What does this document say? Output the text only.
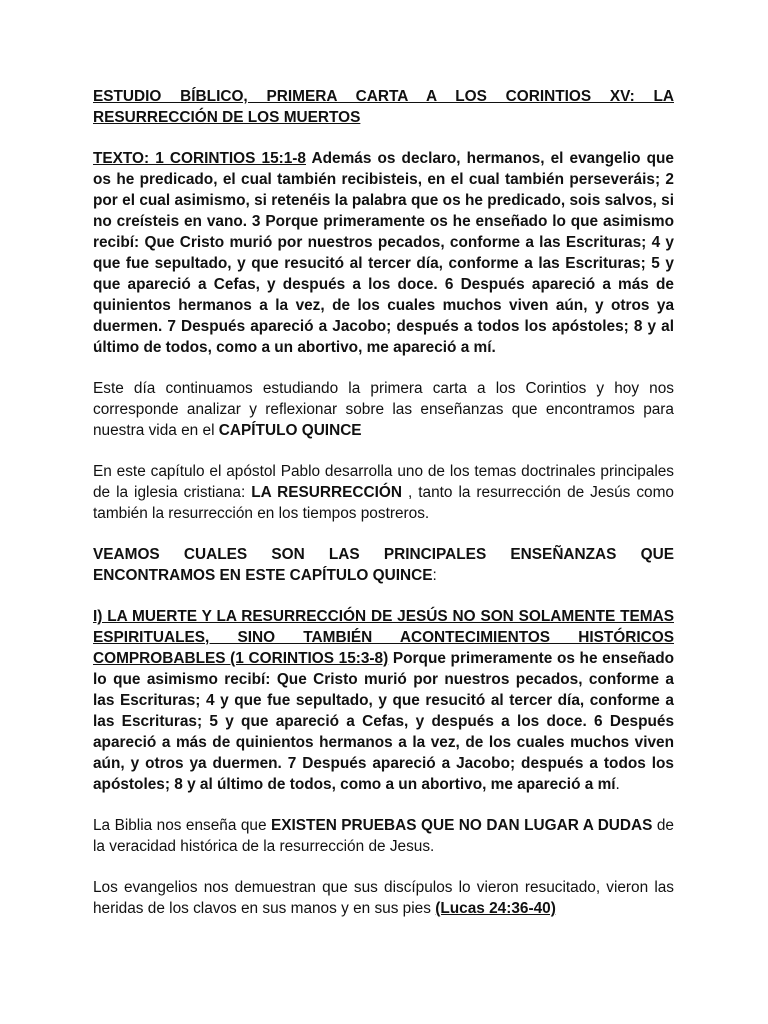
ESTUDIO BÍBLICO, PRIMERA CARTA A LOS CORINTIOS XV: LA RESURRECCIÓN DE LOS MUERTOS

TEXTO: 1 CORINTIOS 15:1-8 Además os declaro, hermanos, el evangelio que os he predicado, el cual también recibisteis, en el cual también perseveráis; 2 por el cual asimismo, si retenéis la palabra que os he predicado, sois salvos, si no creísteis en vano. 3 Porque primeramente os he enseñado lo que asimismo recibí: Que Cristo murió por nuestros pecados, conforme a las Escrituras; 4 y que fue sepultado, y que resucitó al tercer día, conforme a las Escrituras; 5 y que apareció a Cefas, y después a los doce. 6 Después apareció a más de quinientos hermanos a la vez, de los cuales muchos viven aún, y otros ya duermen. 7 Después apareció a Jacobo; después a todos los apóstoles; 8 y al último de todos, como a un abortivo, me apareció a mí.

Este día continuamos estudiando la primera carta a los Corintios y hoy nos corresponde analizar y reflexionar sobre las enseñanzas que encontramos para nuestra vida en el CAPÍTULO QUINCE

En este capítulo el apóstol Pablo desarrolla uno de los temas doctrinales principales de la iglesia cristiana: LA RESURRECCIÓN , tanto la resurrección de Jesús como también la resurrección en los tiempos postreros.

VEAMOS CUALES SON LAS PRINCIPALES ENSEÑANZAS QUE ENCONTRAMOS EN ESTE CAPÍTULO QUINCE:

I) LA MUERTE Y LA RESURRECCIÓN DE JESÚS NO SON SOLAMENTE TEMAS ESPIRITUALES, SINO TAMBIÉN ACONTECIMIENTOS HISTÓRICOS COMPROBABLES (1 CORINTIOS 15:3-8) Porque primeramente os he enseñado lo que asimismo recibí: Que Cristo murió por nuestros pecados, conforme a las Escrituras; 4 y que fue sepultado, y que resucitó al tercer día, conforme a las Escrituras; 5 y que apareció a Cefas, y después a los doce. 6 Después apareció a más de quinientos hermanos a la vez, de los cuales muchos viven aún, y otros ya duermen. 7 Después apareció a Jacobo; después a todos los apóstoles; 8 y al último de todos, como a un abortivo, me apareció a mí.

La Biblia nos enseña que EXISTEN PRUEBAS QUE NO DAN LUGAR A DUDAS de la veracidad histórica de la resurrección de Jesus.

Los evangelios nos demuestran que sus discípulos lo vieron resucitado, vieron las heridas de los clavos en sus manos y en sus pies (Lucas 24:36-40)
